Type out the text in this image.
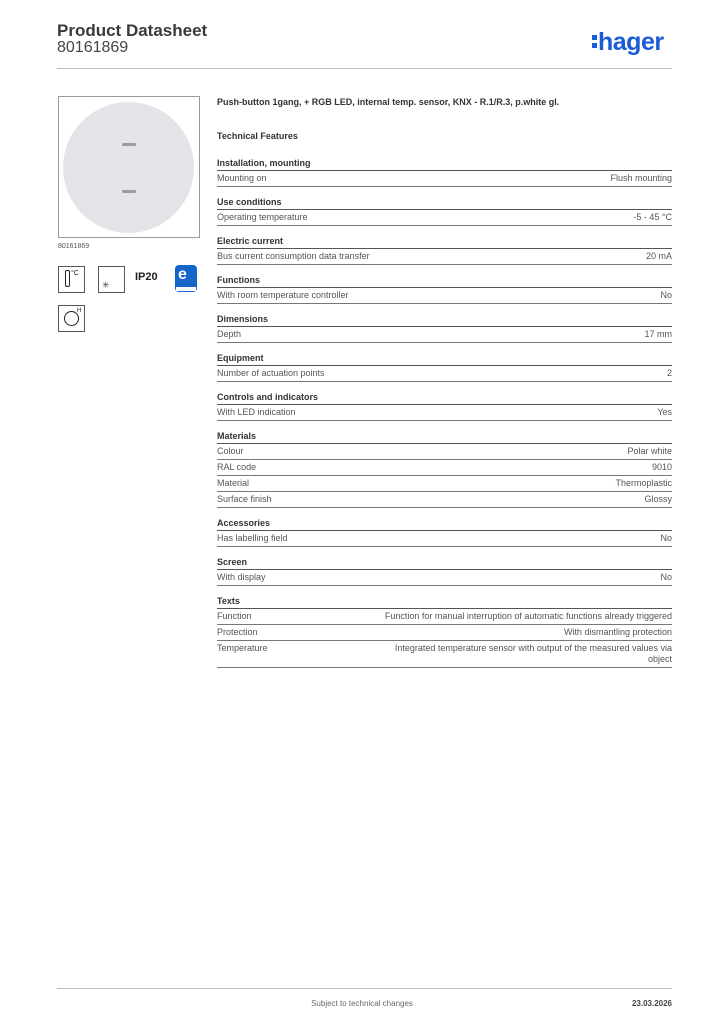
Product Datasheet
80161869	hager
80161869
°C
✳
IP20 e
H
Push-button 1gang, + RGB LED, internal temp. sensor, KNX - R.1/R.3, p.white gl.
Technical Features
Installation, mounting
Mounting on	Flush mounting
Use conditions
Operating temperature	-5 - 45 °C
Electric current
Bus current consumption data transfer	20 mA
Functions
With room temperature controller	No
Dimensions
Depth	17 mm
Equipment
Number of actuation points	2
Controls and indicators
With LED indication	Yes
Materials
Colour	Polar white
RAL code	9010
Material	Thermoplastic
Surface finish	Glossy
Accessories
Has labelling field	No
Screen
With display	No
Texts
Function	Function for manual interruption of automatic functions already triggered
Protection	With dismantling protection
Temperature	Integrated temperature sensor with output of the measured values via object
Subject to technical changes	23.03.2026
